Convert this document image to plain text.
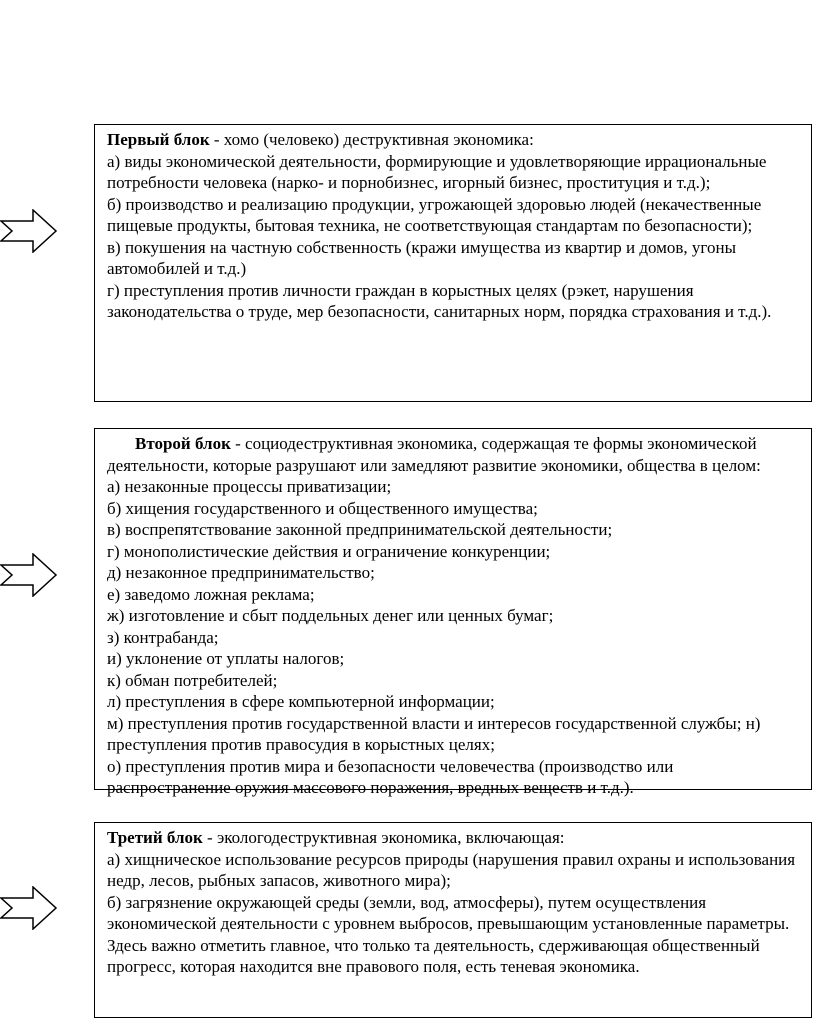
Первый блок - хомо (человеко) деструктивная экономика:

а) виды экономической деятельности, формирующие и удовлетворяющие иррациональные потребности человека (нарко- и порнобизнес, игорный бизнес, проституция и т.д.);

б) производство и реализацию продукции, угрожающей здоровью людей (некачественные пищевые продукты, бытовая техника, не соответствующая стандартам по безопасности);

в) покушения на частную собственность (кражи имущества из квартир и домов, угоны автомобилей и т.д.)

г) преступления против личности граждан в корыстных целях (рэкет, нарушения законодательства о труде, мер безопасности, санитарных норм, порядка страхования и т.д.).

Второй блок - социодеструктивная экономика, содержащая те формы экономической деятельности, которые разрушают или замедляют развитие экономики, общества в целом:

а) незаконные процессы приватизации;

б) хищения государственного и общественного имущества;

в) воспрепятствование законной предпринимательской деятельности;

г) монополистические действия и ограничение конкуренции;

д) незаконное предпринимательство;

е) заведомо ложная реклама;

ж) изготовление и сбыт поддельных денег или ценных бумаг;

з) контрабанда;

и) уклонение от уплаты налогов;

к) обман потребителей;

л) преступления в сфере компьютерной информации;

м) преступления против государственной власти и интересов государственной службы; н) преступления против правосудия в корыстных целях;

о) преступления против мира и безопасности человечества (производство или распространение оружия массового поражения, вредных веществ и т.д.).

Третий блок - экологодеструктивная экономика, включающая:

а) хищническое использование ресурсов природы (нарушения правил охраны и использования недр, лесов, рыбных запасов, животного мира);

б) загрязнение окружающей среды (земли, вод, атмосферы), путем осуществления экономической деятельности с уровнем выбросов, превышающим установленные параметры. Здесь важно отметить главное, что только та деятельность, сдерживающая общественный прогресс, которая находится вне правового поля, есть теневая экономика.
